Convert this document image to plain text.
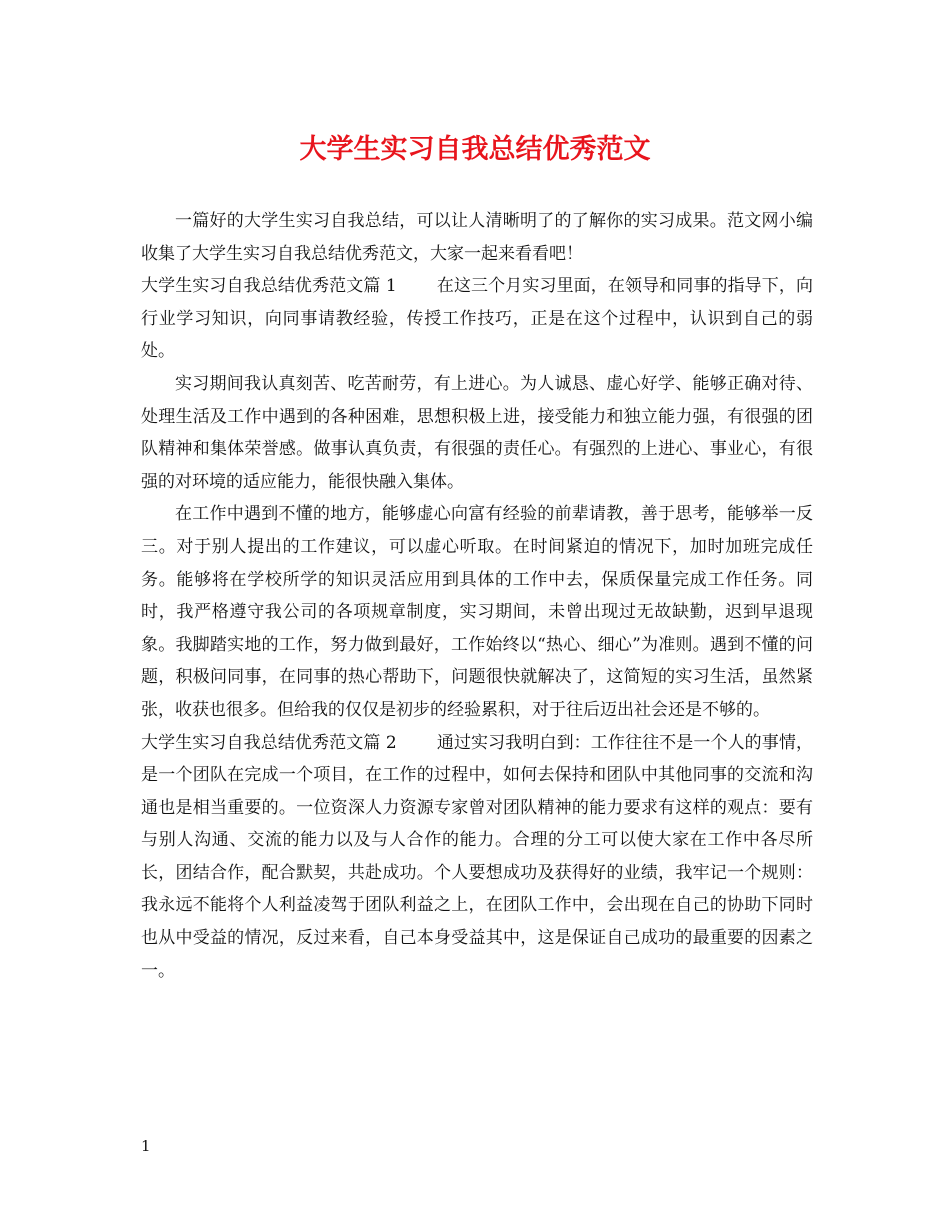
大学生实习自我总结优秀范文

一篇好的大学生实习自我总结，可以让人清晰明了的了解你的实习成果。范文网小编收集了大学生实习自我总结优秀范文，大家一起来看看吧！

大学生实习自我总结优秀范文篇 1 在这三个月实习里面，在领导和同事的指导下，向行业学习知识，向同事请教经验，传授工作技巧，正是在这个过程中，认识到自己的弱处。

实习期间我认真刻苦、吃苦耐劳，有上进心。为人诚恳、虚心好学、能够正确对待、处理生活及工作中遇到的各种困难，思想积极上进，接受能力和独立能力强，有很强的团队精神和集体荣誉感。做事认真负责，有很强的责任心。有强烈的上进心、事业心，有很强的对环境的适应能力，能很快融入集体。

在工作中遇到不懂的地方，能够虚心向富有经验的前辈请教，善于思考，能够举一反三。对于别人提出的工作建议，可以虚心听取。在时间紧迫的情况下，加时加班完成任务。能够将在学校所学的知识灵活应用到具体的工作中去，保质保量完成工作任务。同时，我严格遵守我公司的各项规章制度，实习期间，未曾出现过无故缺勤，迟到早退现象。我脚踏实地的工作，努力做到最好，工作始终以“热心、细心”为准则。遇到不懂的问题，积极问同事，在同事的热心帮助下，问题很快就解决了，这简短的实习生活，虽然紧张，收获也很多。但给我的仅仅是初步的经验累积，对于往后迈出社会还是不够的。

大学生实习自我总结优秀范文篇 2 通过实习我明白到：工作往往不是一个人的事情，是一个团队在完成一个项目，在工作的过程中，如何去保持和团队中其他同事的交流和沟通也是相当重要的。一位资深人力资源专家曾对团队精神的能力要求有这样的观点：要有与别人沟通、交流的能力以及与人合作的能力。合理的分工可以使大家在工作中各尽所长，团结合作，配合默契，共赴成功。个人要想成功及获得好的业绩，我牢记一个规则：我永远不能将个人利益凌驾于团队利益之上，在团队工作中，会出现在自己的协助下同时也从中受益的情况，反过来看，自己本身受益其中，这是保证自己成功的最重要的因素之一。

1
